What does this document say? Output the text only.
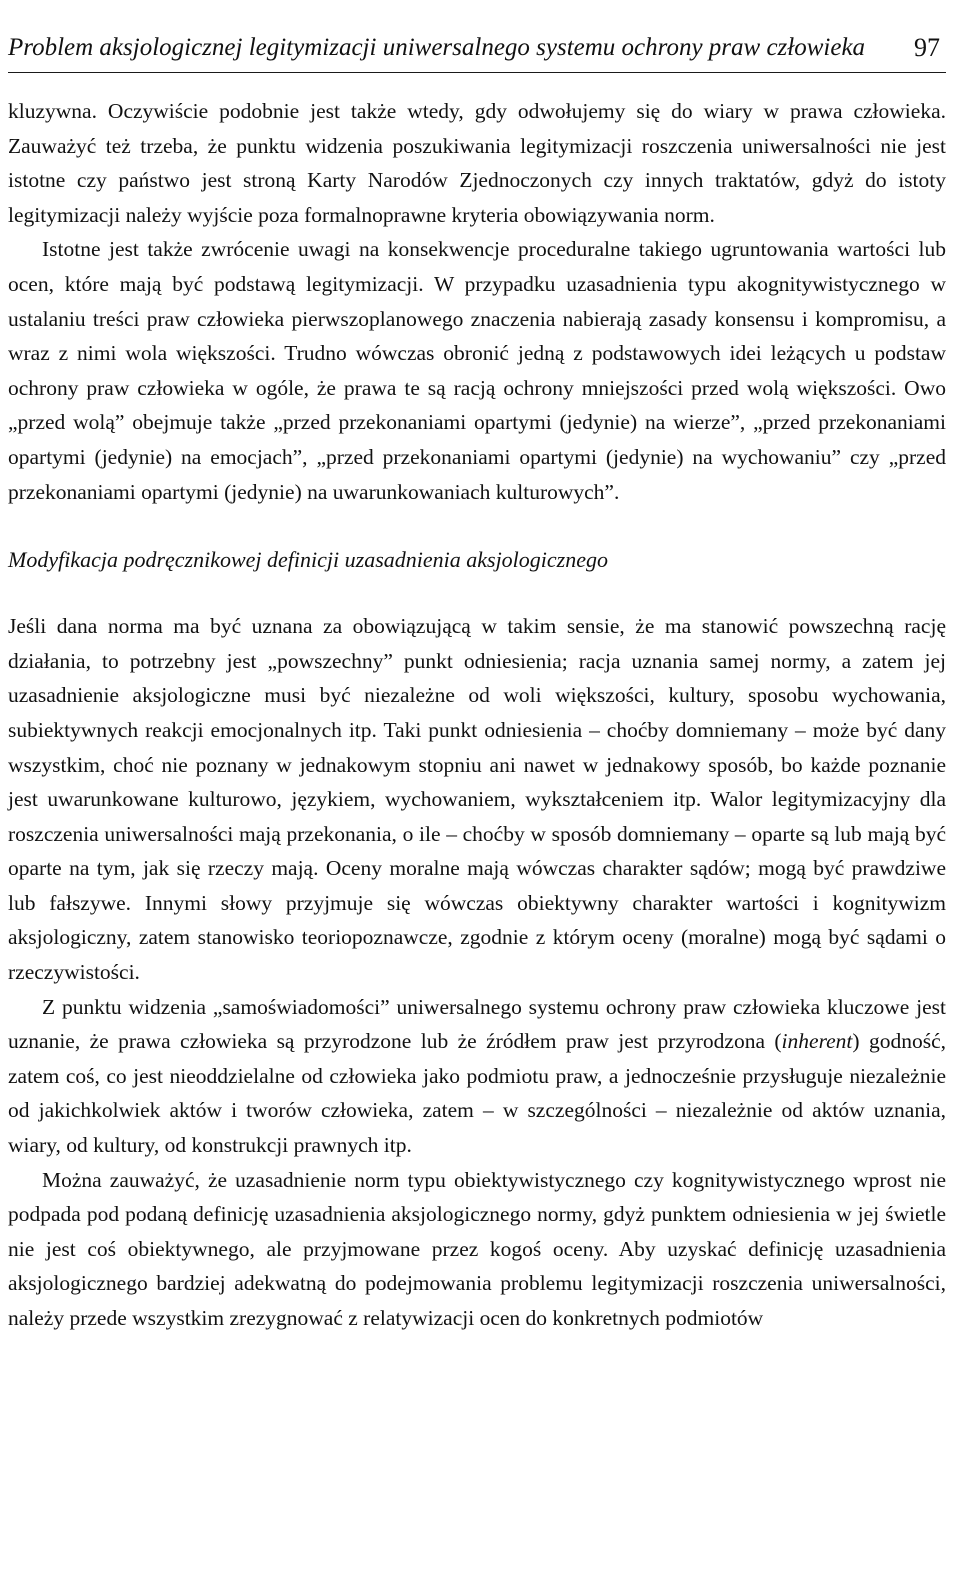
Problem aksjologicznej legitymizacji uniwersalnego systemu ochrony praw człowieka 97

kluzywna. Oczywiście podobnie jest także wtedy, gdy odwołujemy się do wiary w prawa człowieka. Zauważyć też trzeba, że punktu widzenia poszukiwania legitymizacji roszczenia uniwersalności nie jest istotne czy państwo jest stroną Karty Narodów Zjednoczonych czy innych traktatów, gdyż do istoty legitymizacji należy wyjście poza formalnoprawne kryteria obowiązywania norm.

Istotne jest także zwrócenie uwagi na konsekwencje proceduralne takiego ugruntowania wartości lub ocen, które mają być podstawą legitymizacji. W przypadku uzasadnienia typu akognitywistycznego w ustalaniu treści praw człowieka pierwszoplanowego znaczenia nabierają zasady konsensu i kompromisu, a wraz z nimi wola większości. Trudno wówczas obronić jedną z podstawowych idei leżących u podstaw ochrony praw człowieka w ogóle, że prawa te są racją ochrony mniejszości przed wolą większości. Owo „przed wolą” obejmuje także „przed przekonaniami opartymi (jedynie) na wierze”, „przed przekonaniami opartymi (jedynie) na emocjach”, „przed przekonaniami opartymi (jedynie) na wychowaniu” czy „przed przekonaniami opartymi (jedynie) na uwarunkowaniach kulturowych”.

Modyfikacja podręcznikowej definicji uzasadnienia aksjologicznego

Jeśli dana norma ma być uznana za obowiązującą w takim sensie, że ma stanowić powszechną rację działania, to potrzebny jest „powszechny” punkt odniesienia; racja uznania samej normy, a zatem jej uzasadnienie aksjologiczne musi być niezależne od woli większości, kultury, sposobu wychowania, subiektywnych reakcji emocjonalnych itp. Taki punkt odniesienia – choćby domniemany – może być dany wszystkim, choć nie poznany w jednakowym stopniu ani nawet w jednakowy sposób, bo każde poznanie jest uwarunkowane kulturowo, językiem, wychowaniem, wykształceniem itp. Walor legitymizacyjny dla roszczenia uniwersalności mają przekonania, o ile – choćby w sposób domniemany – oparte są lub mają być oparte na tym, jak się rzeczy mają. Oceny moralne mają wówczas charakter sądów; mogą być prawdziwe lub fałszywe. Innymi słowy przyjmuje się wówczas obiektywny charakter wartości i kognitywizm aksjologiczny, zatem stanowisko teoriopoznawcze, zgodnie z którym oceny (moralne) mogą być sądami o rzeczywistości.

Z punktu widzenia „samoświadomości” uniwersalnego systemu ochrony praw człowieka kluczowe jest uznanie, że prawa człowieka są przyrodzone lub że źródłem praw jest przyrodzona (inherent) godność, zatem coś, co jest nieoddzielalne od człowieka jako podmiotu praw, a jednocześnie przysługuje niezależnie od jakichkolwiek aktów i tworów człowieka, zatem – w szczególności – niezależnie od aktów uznania, wiary, od kultury, od konstrukcji prawnych itp.

Można zauważyć, że uzasadnienie norm typu obiektywistycznego czy kognitywistycznego wprost nie podpada pod podaną definicję uzasadnienia aksjologicznego normy, gdyż punktem odniesienia w jej świetle nie jest coś obiektywnego, ale przyjmowane przez kogoś oceny. Aby uzyskać definicję uzasadnienia aksjologicznego bardziej adekwatną do podejmowania problemu legitymizacji roszczenia uniwersalności, należy przede wszystkim zrezygnować z relatywizacji ocen do konkretnych podmiotów
